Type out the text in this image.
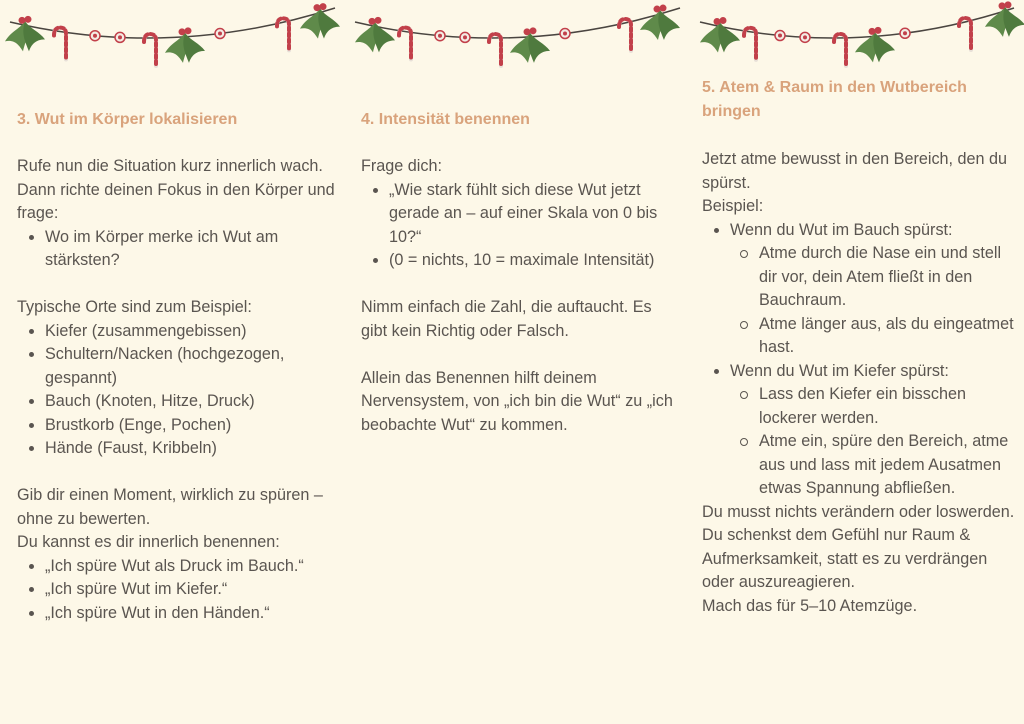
3. Wut im Körper lokalisieren

Rufe nun die Situation kurz innerlich wach. Dann richte deinen Fokus in den Körper und frage:

Wo im Körper merke ich Wut am stärksten?

Typische Orte sind zum Beispiel:

Kiefer (zusammengebissen)
Schultern/Nacken (hochgezogen, gespannt)
Bauch (Knoten, Hitze, Druck)
Brustkorb (Enge, Pochen)
Hände (Faust, Kribbeln)

Gib dir einen Moment, wirklich zu spüren – ohne zu bewerten.

Du kannst es dir innerlich benennen:

„Ich spüre Wut als Druck im Bauch.“
„Ich spüre Wut im Kiefer.“
„Ich spüre Wut in den Händen.“
4. Intensität benennen

Frage dich:

„Wie stark fühlt sich diese Wut jetzt gerade an – auf einer Skala von 0 bis 10?“
(0 = nichts, 10 = maximale Intensität)

Nimm einfach die Zahl, die auftaucht. Es gibt kein Richtig oder Falsch.

Allein das Benennen hilft deinem Nervensystem, von „ich bin die Wut“ zu „ich beobachte Wut“ zu kommen.

5. Atem & Raum in den Wutbereich bringen

Jetzt atme bewusst in den Bereich, den du spürst.

Beispiel:

Wenn du Wut im Bauch spürst:
Atme durch die Nase ein und stell dir vor, dein Atem fließt in den Bauchraum.
Atme länger aus, als du eingeatmet hast.
Wenn du Wut im Kiefer spürst:
Lass den Kiefer ein bisschen lockerer werden.
Atme ein, spüre den Bereich, atme aus und lass mit jedem Ausatmen etwas Spannung abfließen.

Du musst nichts verändern oder loswerden.

Du schenkst dem Gefühl nur Raum & Aufmerksamkeit, statt es zu verdrängen oder auszureagieren.

Mach das für 5–10 Atemzüge.
